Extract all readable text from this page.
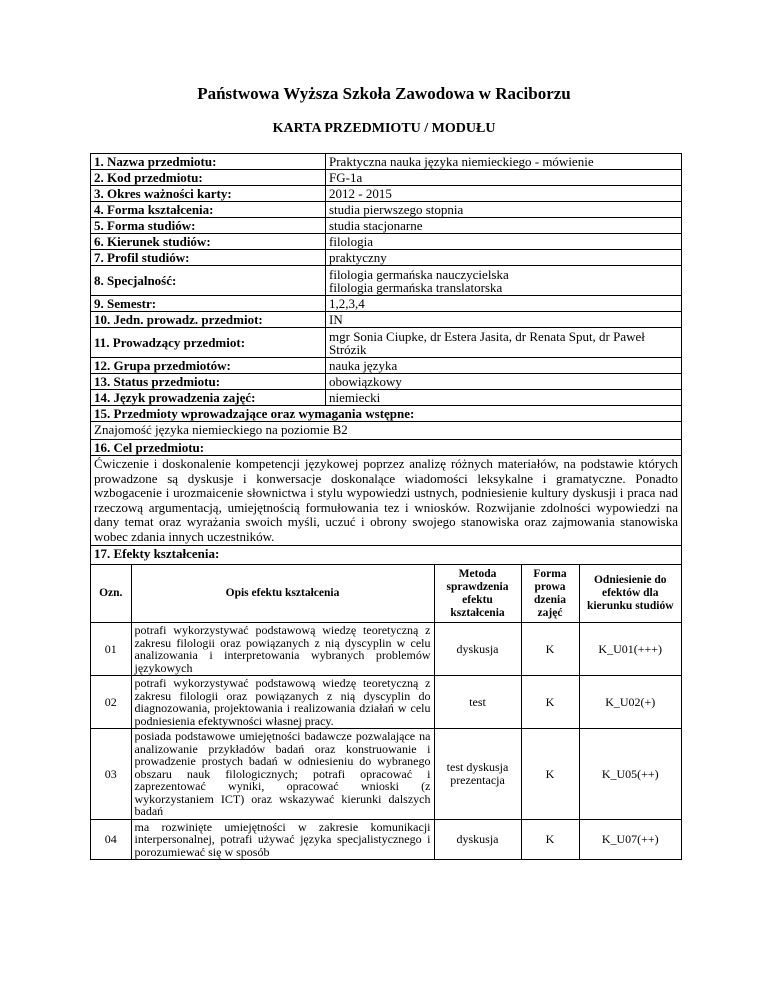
Państwowa Wyższa Szkoła Zawodowa w Raciborzu
KARTA PRZEDMIOTU / MODUŁU
1. Nazwa przedmiotu:	Praktyczna nauka języka niemieckiego - mówienie
2. Kod przedmiotu:	FG-1a
3. Okres ważności karty:	2012 - 2015
4. Forma kształcenia:	studia pierwszego stopnia
5. Forma studiów:	studia stacjonarne
6. Kierunek studiów:	filologia
7. Profil studiów:	praktyczny
8. Specjalność:	filologia germańska nauczycielska
filologia germańska translatorska

9. Semestr:	1,2,3,4
10. Jedn. prowadz. przedmiot:	IN
11. Prowadzący przedmiot:	mgr Sonia Ciupke, dr Estera Jasita, dr Renata Sput, dr Paweł Strózik
12. Grupa przedmiotów:	nauka języka
13. Status przedmiotu:	obowiązkowy
14. Język prowadzenia zajęć:	niemiecki
15. Przedmioty wprowadzające oraz wymagania wstępne:
Znajomość języka niemieckiego na poziomie B2
16. Cel przedmiotu:
Ćwiczenie i doskonalenie kompetencji językowej poprzez analizę różnych materiałów, na podstawie których prowadzone są dyskusje i konwersacje doskonalące wiadomości leksykalne i gramatyczne. Ponadto wzbogacenie i urozmaicenie słownictwa i stylu wypowiedzi ustnych, podniesienie kultury dyskusji i praca nad rzeczową argumentacją, umiejętnością formułowania tez i wniosków. Rozwijanie zdolności wypowiedzi na dany temat oraz wyrażania swoich myśli, uczuć i obrony swojego stanowiska oraz zajmowania stanowiska wobec zdania innych uczestników.
17. Efekty kształcenia:
Ozn.	Opis efektu kształcenia	Metoda sprawdzenia efektu kształcenia	Forma prowa dzenia zajęć	Odniesienie do efektów dla kierunku studiów
01	potrafi wykorzystywać podstawową wiedzę teoretyczną z zakresu filologii oraz powiązanych z nią dyscyplin w celu analizowania i interpretowania wybranych problemów językowych	dyskusja	K	K_U01(+++)
02	potrafi wykorzystywać podstawową wiedzę teoretyczną z zakresu filologii oraz powiązanych z nią dyscyplin do diagnozowania, projektowania i realizowania działań w celu podniesienia efektywności własnej pracy.	test	K	K_U02(+)
03	posiada podstawowe umiejętności badawcze pozwalające na analizowanie przykładów badań oraz konstruowanie i prowadzenie prostych badań w odniesieniu do wybranego obszaru nauk filologicznych; potrafi opracować i zaprezentować wyniki, opracować wnioski (z wykorzystaniem ICT) oraz wskazywać kierunki dalszych badań	test dyskusja prezentacja	K	K_U05(++)
04	ma rozwinięte umiejętności w zakresie komunikacji interpersonalnej, potrafi używać języka specjalistycznego i porozumiewać się w sposób	dyskusja	K	K_U07(++)
